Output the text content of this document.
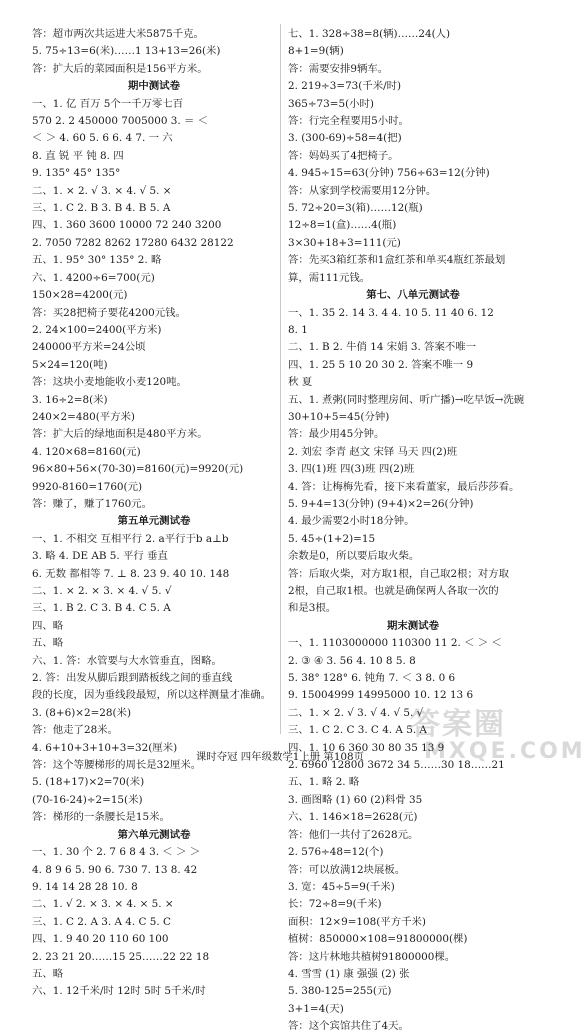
答：超市两次共运进大米5875千克。
5. 75÷13=6(米)……1 13+13=26(米)
答：扩大后的菜园面积是156平方米。
期中测试卷
一、1. 亿 百万 5个一千万零七百
570 2. 2 450000 7005000 3. ＝ ＜
＜ ＞ 4. 60 5. 6 6. 4 7. 一 六
8. 直 锐 平 钝 8. 四
9. 135° 45° 135°
二、1. × 2. √ 3. × 4. √ 5. ×
三、1. C 2. B 3. B 4. B 5. A
四、1. 360 3600 10000 72 240 3200
2. 7050 7282 8262 17280 6432 28122
五、1. 95° 30° 135° 2. 略
六、1. 4200÷6=700(元)
150×28=4200(元)
答：买28把椅子要花4200元钱。
2. 24×100=2400(平方米)
240000平方米=24公顷
5×24=120(吨)
答：这块小麦地能收小麦120吨。
3. 16÷2=8(米)
240×2=480(平方米)
答：扩大后的绿地面积是480平方米。
4. 120×68=8160(元)
96×80+56×(70-30)=8160(元)=9920(元)
9920-8160=1760(元)
答：赚了，赚了1760元。
第五单元测试卷
一、1. 不相交 互相平行 2. a平行于b a⊥b
3. 略 4. DE AB 5. 平行 垂直
6. 无数 都相等 7. ⊥ 8. 23 9. 40 10. 148
二、1. × 2. × 3. × 4. √ 5. √
三、1. B 2. C 3. B 4. C 5. A
四、略
五、略
六、1. 答：水管要与大水管垂直，图略。
2. 答：出发从脚后跟到踏板线之间的垂直线
段的长度，因为垂线段最短，所以这样测量才准确。
3. (8+6)×2=28(米)
答：他走了28米。
4. 6+10+3+10+3=32(厘米)
答：这个等腰梯形的周长是32厘米。
5. (18+17)×2=70(米)
(70-16-24)÷2=15(米)
答：梯形的一条腰长是15米。
第六单元测试卷
一、1. 30 个 2. 7 6 8 4 3. ＜ ＞ ＞
4. 8 9 6 5. 90 6. 730 7. 13 8. 42
9. 14 14 28 28 10. 8
二、1. √ 2. × 3. × 4. × 5. ×
三、1. C 2. A 3. A 4. C 5. C
四、1. 9 40 20 110 60 100
2. 23 21 20……15 25……22 22 18
五、略
六、1. 12千米/时 12时 5时 5千米/时
七、1. 328÷38=8(辆)……24(人)
8+1=9(辆)
答：需要安排9辆车。
2. 219÷3=73(千米/时)
365÷73=5(小时)
答：行完全程要用5小时。
3. (300-69)÷58=4(把)
答：妈妈买了4把椅子。
4. 945÷15=63(分钟) 756÷63=12(分钟)
答：从家到学校需要用12分钟。
5. 72÷20=3(箱)……12(瓶)
12÷8=1(盒)……4(瓶)
3×30+18+3=111(元)
答：先买3箱红茶和1盒红茶和单买4瓶红茶最划
算，需111元钱。
第七、八单元测试卷
一、1. 35 2. 14 3. 4 4. 10 5. 11 40 6. 12
8. 1
二、1. B 2. 牛俏 14 宋娟 3. 答案不唯一
四、1. 25 5 10 20 30 2. 答案不唯一 9
秋 夏
五、1. 煮粥(同时整理房间、听广播)→吃早饭→洗碗
30+10+5=45(分钟)
答：最少用45分钟。
2. 刘宏 李青 赵文 宋铎 马天 四(2)班
3. 四(1)班 四(3)班 四(2)班
4. 答：让梅梅先看，接下来看董家，最后莎莎看。
5. 9+4=13(分钟) (9+4)×2=26(分钟)
4. 最少需要2小时18分钟。
5. 45÷(1+2)=15
余数是0，所以要后取火柴。
答：后取火柴，对方取1根，自己取2根；对方取
2根，自己取1根。也就是确保两人各取一次的
和是3根。
期末测试卷
一、1. 1103000000 110300 11 2. ＜ ＞ ＜
2. ③ ④ 3. 56 4. 10 8 5. 8
5. 38° 128° 6. 钝角 7. ＜ 3 8. 0 6
9. 15004999 14995000 10. 12 13 6
二、1. × 2. √ 3. √ 4. √ 5. √
三、1. C 2. C 3. C 4. A 5. A
四、1. 10 6 360 30 80 35 13 9
2. 6960 12800 3672 34 5……30 18……21
五、1. 略 2. 略
3. 画图略 (1) 60 (2)料骨 35
六、1. 146×18=2628(元)
答：他们一共付了2628元。
2. 576÷48=12(个)
答：可以放满12块展板。
3. 宽：45÷5=9(千米)
长：72÷8=9(千米)
面积：12×9=108(平方千米)
植树：850000×108=91800000(棵)
答：这片林地共植树91800000棵。
4. 雪雪 (1) 康 强强 (2) 张
5. 380-125=255(元)
3+1=4(天)
答：这个宾馆共住了4天。
课时夺冠 四年级数学1上册 第108页
答案圈
MXQE.COM
